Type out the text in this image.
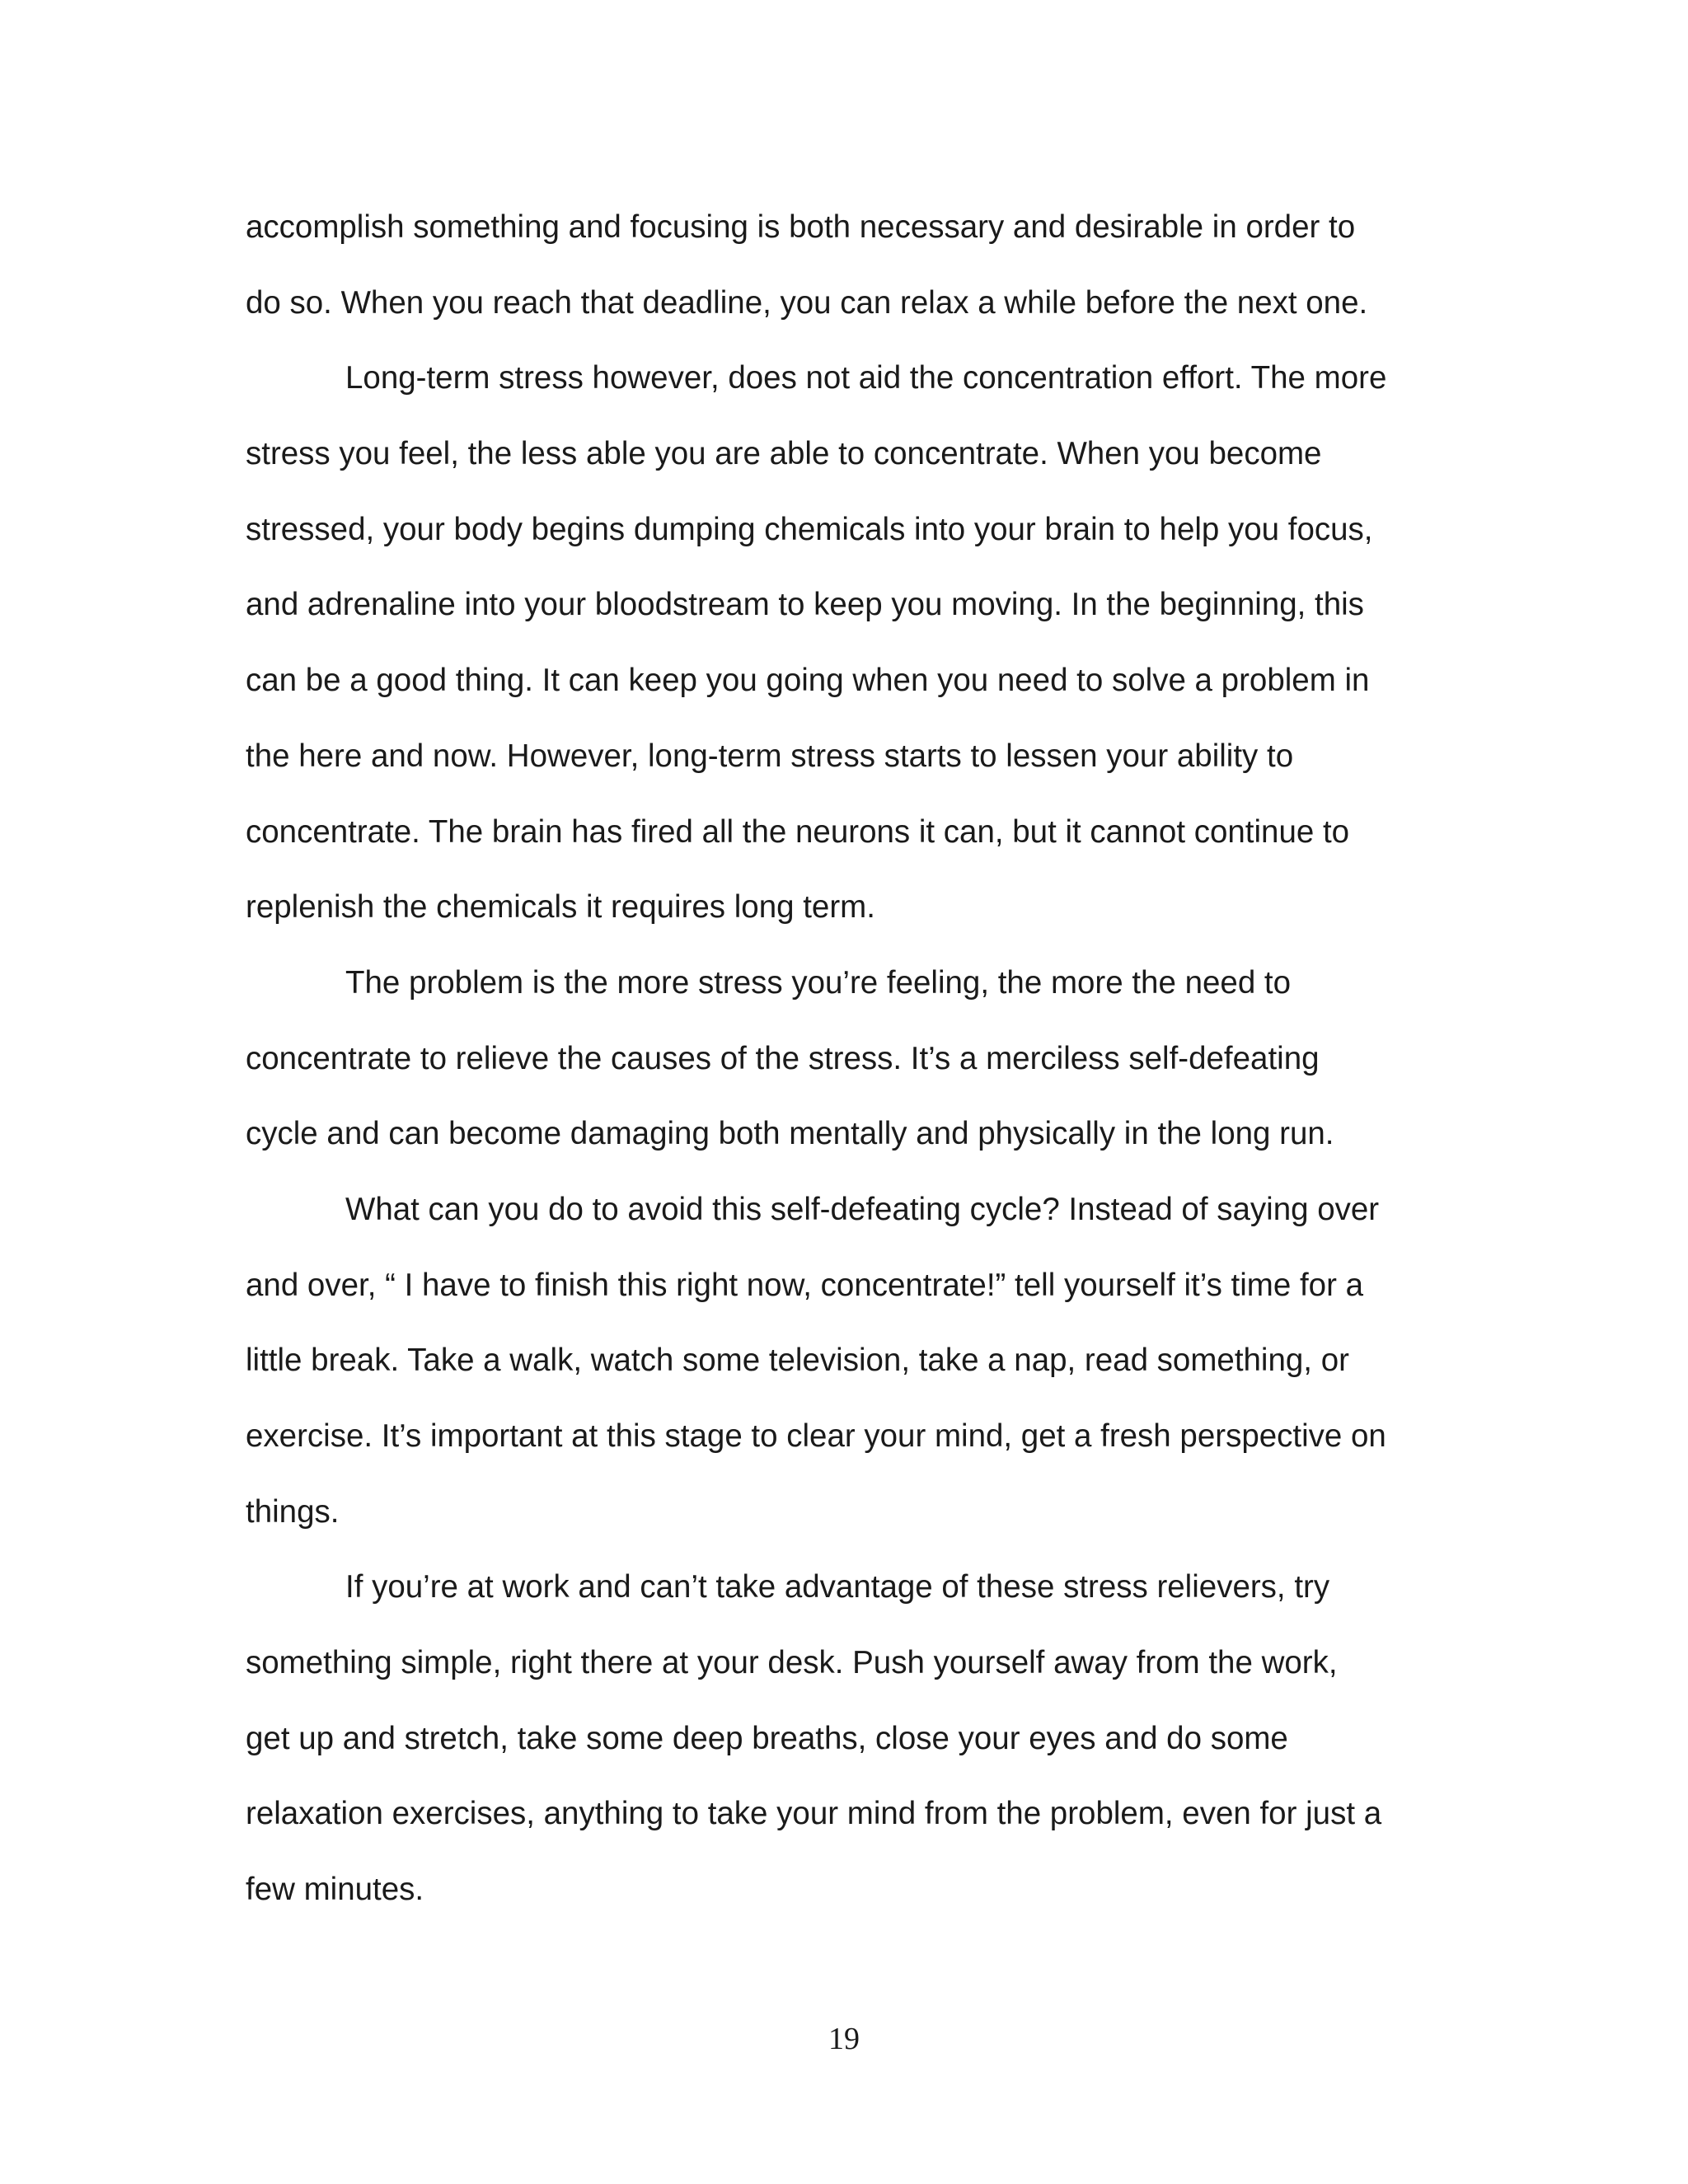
accomplish something and focusing is both necessary and desirable in order to
do so. When you reach that deadline, you can relax a while before the next one.
Long-term stress however, does not aid the concentration effort. The more
stress you feel, the less able you are able to concentrate. When you become
stressed, your body begins dumping chemicals into your brain to help you focus,
and adrenaline into your bloodstream to keep you moving. In the beginning, this
can be a good thing. It can keep you going when you need to solve a problem in
the here and now. However, long-term stress starts to lessen your ability to
concentrate. The brain has fired all the neurons it can, but it cannot continue to
replenish the chemicals it requires long term.
The problem is the more stress you’re feeling, the more the need to
concentrate to relieve the causes of the stress. It’s a merciless self-defeating
cycle and can become damaging both mentally and physically in the long run.
What can you do to avoid this self-defeating cycle? Instead of saying over
and over, “ I have to finish this right now, concentrate!” tell yourself it’s time for a
little break. Take a walk, watch some television, take a nap, read something, or
exercise. It’s important at this stage to clear your mind, get a fresh perspective on
things.
If you’re at work and can’t take advantage of these stress relievers, try
something simple, right there at your desk. Push yourself away from the work,
get up and stretch, take some deep breaths, close your eyes and do some
relaxation exercises, anything to take your mind from the problem, even for just a
few minutes.
19
